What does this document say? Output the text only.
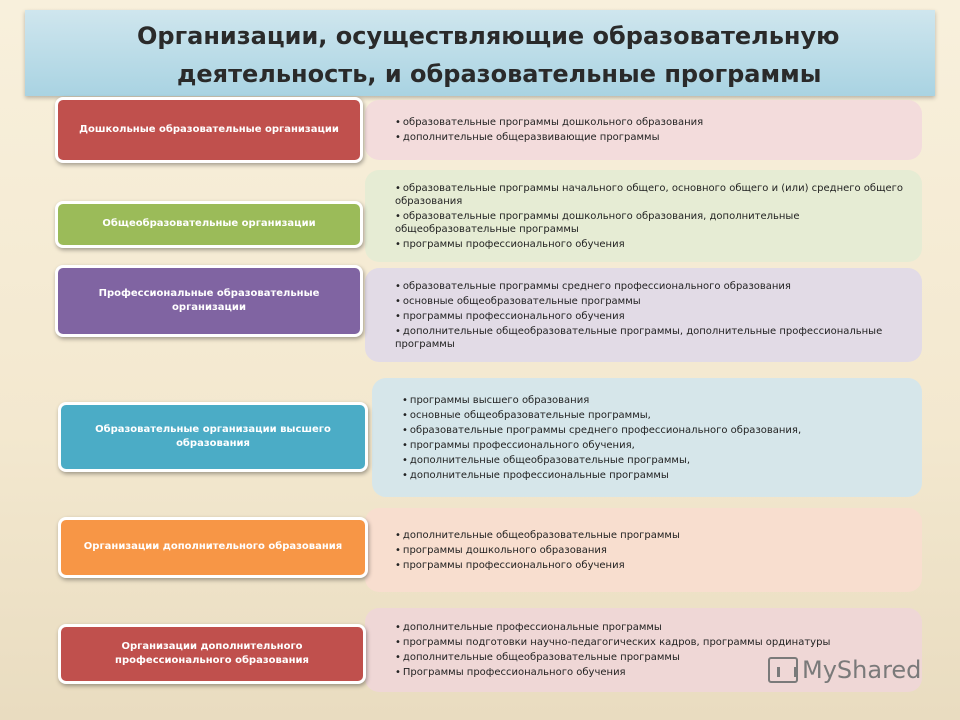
Организации, осуществляющие образовательную
деятельность, и образовательные программы
• образовательные программы дошкольного образования
• дополнительные общеразвивающие программы
Дошкольные образовательные организации
• образовательные программы начального общего, основного общего и (или) среднего общего образования
• образовательные программы дошкольного образования, дополнительные общеобразовательные программы
• программы профессионального обучения
Общеобразовательные организации
• образовательные программы среднего профессионального образования
• основные общеобразовательные программы
• программы профессионального обучения
• дополнительные общеобразовательные программы, дополнительные профессиональные программы
Профессиональные образовательные организации
• программы высшего образования
• основные общеобразовательные программы,
• образовательные программы среднего профессионального образования,
• программы профессионального обучения,
• дополнительные общеобразовательные программы,
• дополнительные профессиональные программы
Образовательные организации высшего образования
• дополнительные общеобразовательные программы
• программы дошкольного образования
• программы профессионального обучения
Организации дополнительного образования
• дополнительные профессиональные программы
• программы подготовки научно-педагогических кадров, программы ординатуры
• дополнительные общеобразовательные программы
• Программы профессионального обучения
Организации дополнительного профессионального образования	MyShared
